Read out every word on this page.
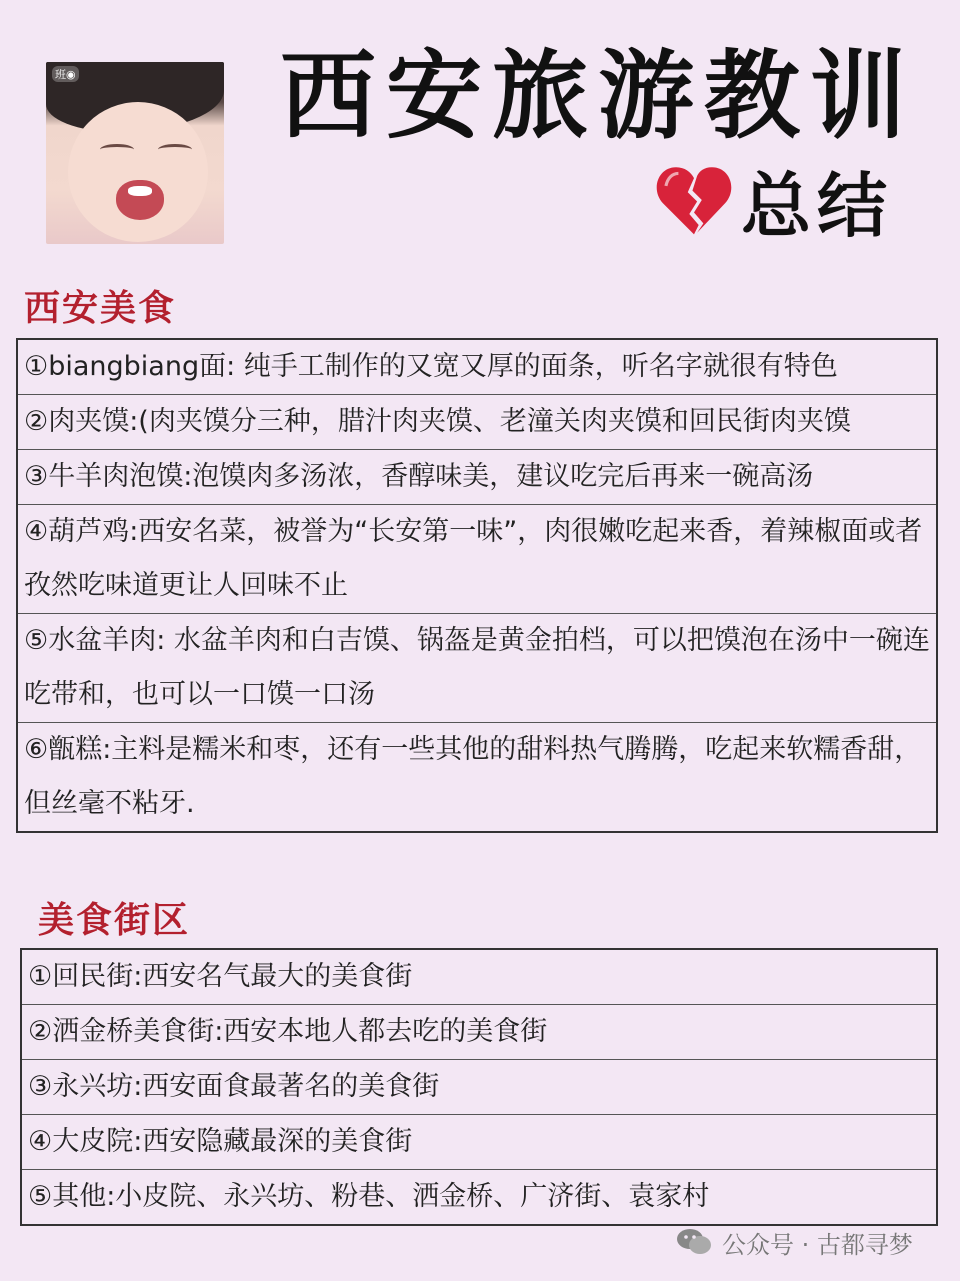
班◉ 西安旅游教训
总结
西安美食
①biangbiang面: 纯手工制作的又宽又厚的面条，听名字就很有特色
②肉夹馍:(肉夹馍分三种，腊汁肉夹馍、老潼关肉夹馍和回民街肉夹馍
③牛羊肉泡馍:泡馍肉多汤浓，香醇味美，建议吃完后再来一碗高汤
④葫芦鸡:西安名菜，被誉为“长安第一味”，肉很嫩吃起来香，着辣椒面或者孜然吃味道更让人回味不止
⑤水盆羊肉: 水盆羊肉和白吉馍、锅盔是黄金拍档，可以把馍泡在汤中一碗连吃带和，也可以一口馍一口汤
⑥甑糕:主料是糯米和枣，还有一些其他的甜料热气腾腾，吃起来软糯香甜，但丝毫不粘牙.
美食街区
①回民街:西安名气最大的美食街
②洒金桥美食街:西安本地人都去吃的美食街
③永兴坊:西安面食最著名的美食街
④大皮院:西安隐藏最深的美食街
⑤其他:小皮院、永兴坊、粉巷、洒金桥、广济街、袁家村
公众号 · 古都寻梦
